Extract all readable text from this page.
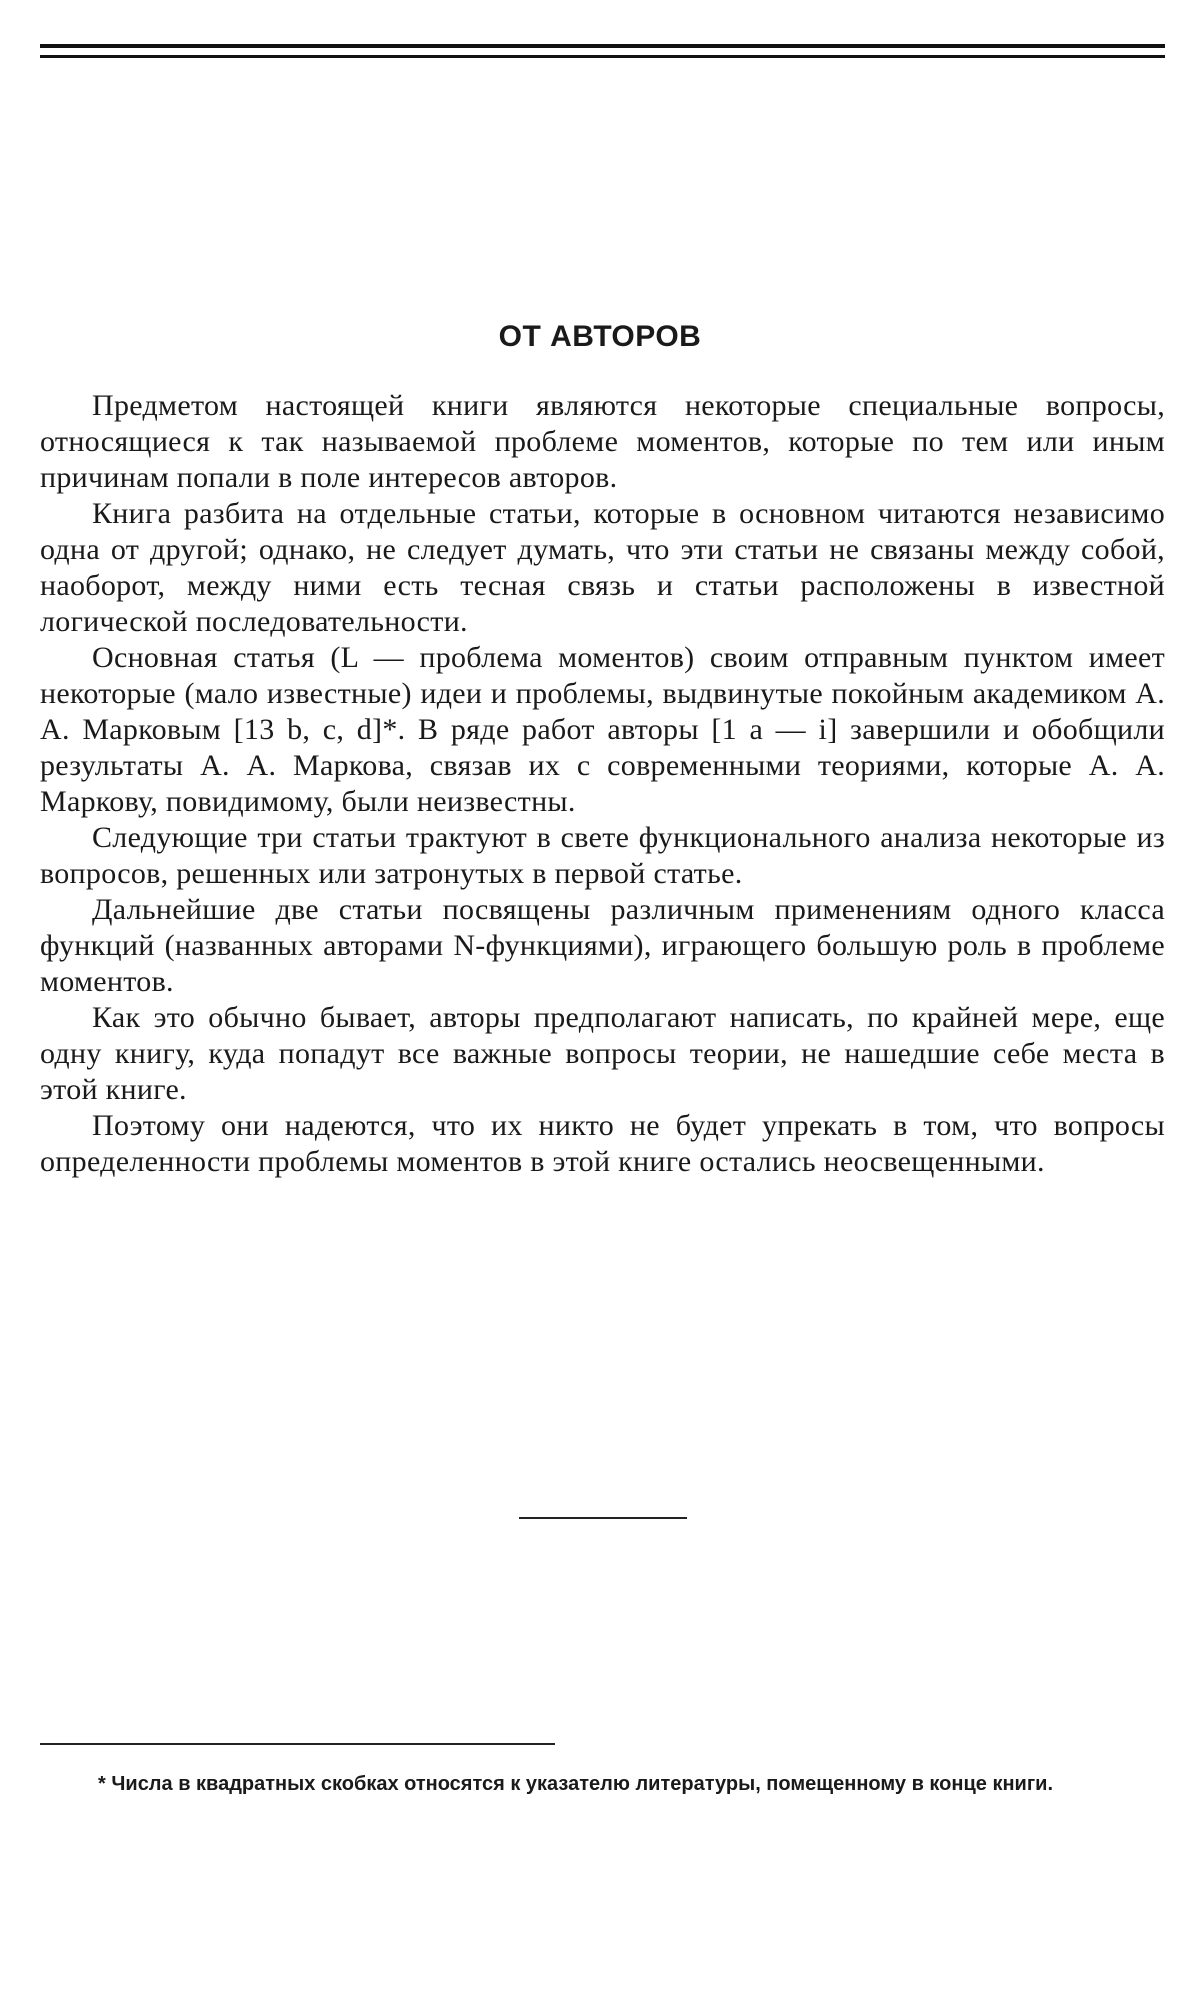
ОТ АВТОРОВ

Предметом настоящей книги являются некоторые специальные вопросы, относящиеся к так называемой проблеме моментов, которые по тем или иным причинам попали в поле интересов авторов.

Книга разбита на отдельные статьи, которые в основном читаются независимо одна от другой; однако, не следует думать, что эти статьи не связаны между собой, наоборот, между ними есть тесная связь и статьи расположены в известной логической последовательности.

Основная статья (L — проблема моментов) своим отправным пунктом имеет некоторые (мало известные) идеи и проблемы, выдвинутые покойным академиком А. А. Марковым [13 b, c, d]*. В ряде работ авторы [1 a — i] завершили и обобщили результаты А. А. Маркова, связав их с современными теориями, которые А. А. Маркову, повидимому, были неизвестны.

Следующие три статьи трактуют в свете функционального анализа некоторые из вопросов, решенных или затронутых в первой статье.

Дальнейшие две статьи посвящены различным применениям одного класса функций (названных авторами N-функциями), играющего большую роль в проблеме моментов.

Как это обычно бывает, авторы предполагают написать, по крайней мере, еще одну книгу, куда попадут все важные вопросы теории, не нашедшие себе места в этой книге.

Поэтому они надеются, что их никто не будет упрекать в том, что вопросы определенности проблемы моментов в этой книге остались неосвещенными.

* Числа в квадратных скобках относятся к указателю литературы, помещенному в конце книги.
